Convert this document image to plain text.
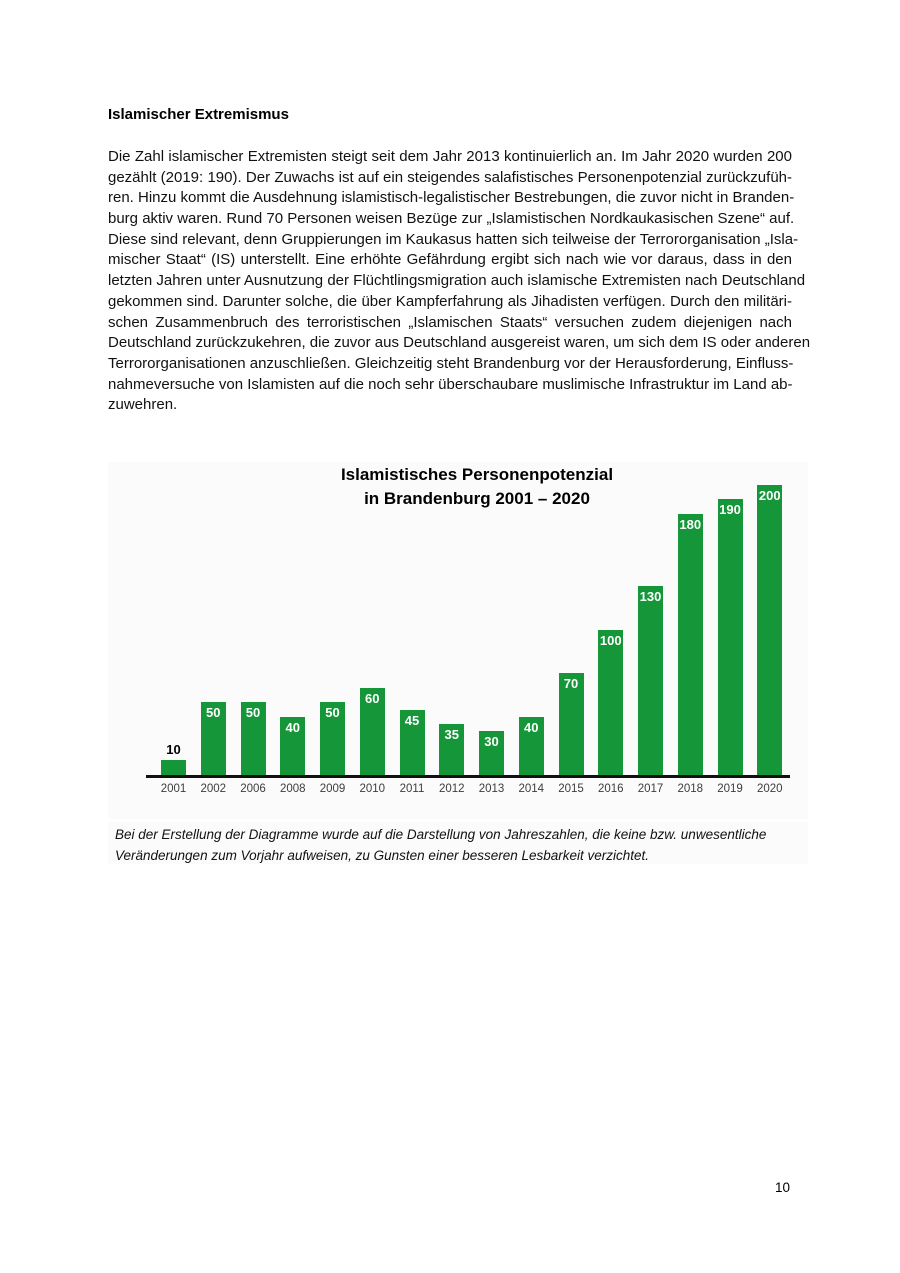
Islamischer Extremismus
Die Zahl islamischer Extremisten steigt seit dem Jahr 2013 kontinuierlich an. Im Jahr 2020 wurden 200
gezählt (2019: 190). Der Zuwachs ist auf ein steigendes salafistisches Personenpotenzial zurückzufüh-
ren. Hinzu kommt die Ausdehnung islamistisch-legalistischer Bestrebungen, die zuvor nicht in Branden-
burg aktiv waren. Rund 70 Personen weisen Bezüge zur „Islamistischen Nordkaukasischen Szene“ auf.
Diese sind relevant, denn Gruppierungen im Kaukasus hatten sich teilweise der Terrororganisation „Isla-
mischer Staat“ (IS) unterstellt. Eine erhöhte Gefährdung ergibt sich nach wie vor daraus, dass in den
letzten Jahren unter Ausnutzung der Flüchtlingsmigration auch islamische Extremisten nach Deutschland
gekommen sind. Darunter solche, die über Kampferfahrung als Jihadisten verfügen. Durch den militäri-
schen Zusammenbruch des terroristischen „Islamischen Staats“ versuchen zudem diejenigen nach
Deutschland zurückzukehren, die zuvor aus Deutschland ausgereist waren, um sich dem IS oder anderen
Terrororganisationen anzuschließen. Gleichzeitig steht Brandenburg vor der Herausforderung, Einfluss-
nahmeversuche von Islamisten auf die noch sehr überschaubare muslimische Infrastruktur im Land ab-
zuwehren.
Islamistisches Personenpotenzial
in Brandenburg 2001 – 2020
10
2001
50
2002
50
2006
40
2008
50
2009
60
2010
45
2011
35
2012
30
2013
40
2014
70
2015
100
2016
130
2017
180
2018
190
2019
200
2020
Bei der Erstellung der Diagramme wurde auf die Darstellung von Jahreszahlen, die keine bzw. unwesentliche
Veränderungen zum Vorjahr aufweisen, zu Gunsten einer besseren Lesbarkeit verzichtet.
10
